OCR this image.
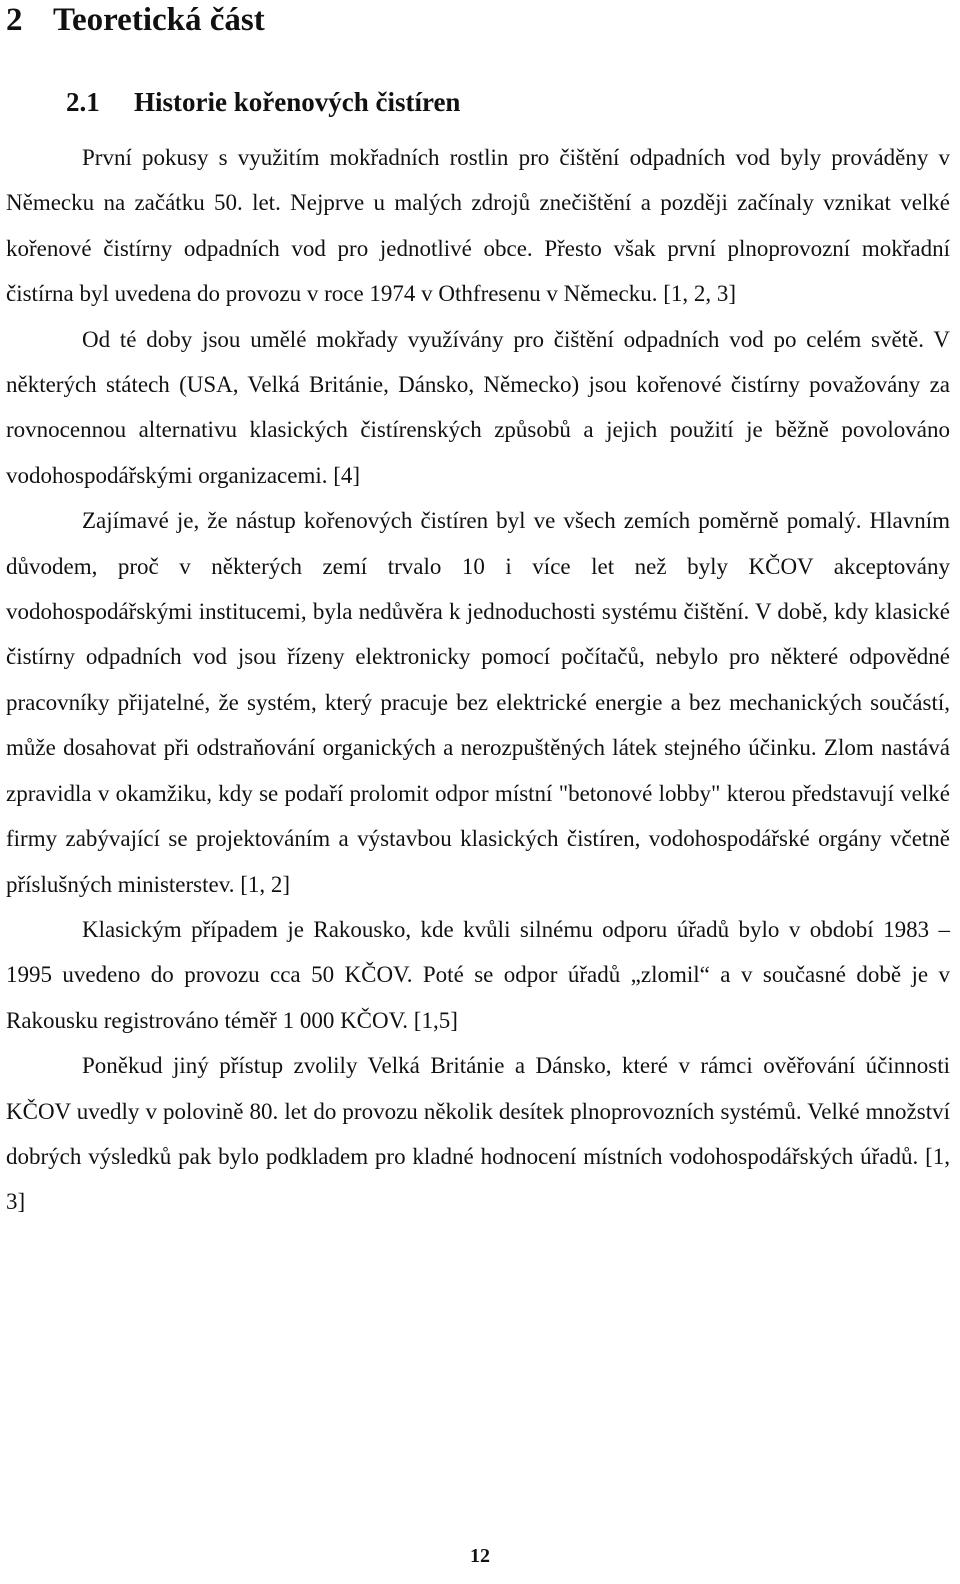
2 Teoretická část
2.1 Historie kořenových čistíren

První pokusy s využitím mokřadních rostlin pro čištění odpadních vod byly prováděny v Německu na začátku 50. let. Nejprve u malých zdrojů znečištění a později začínaly vznikat velké kořenové čistírny odpadních vod pro jednotlivé obce. Přesto však první plnoprovozní mokřadní čistírna byl uvedena do provozu v roce 1974 v Othfresenu v Německu. [1, 2, 3]

Od té doby jsou umělé mokřady využívány pro čištění odpadních vod po celém světě. V některých státech (USA, Velká Británie, Dánsko, Německo) jsou kořenové čistírny považovány za rovnocennou alternativu klasických čistírenských způsobů a jejich použití je běžně povolováno vodohospodářskými organizacemi. [4]

Zajímavé je, že nástup kořenových čistíren byl ve všech zemích poměrně pomalý. Hlavním důvodem, proč v některých zemí trvalo 10 i více let než byly KČOV akceptovány vodohospodářskými institucemi, byla nedůvěra k jednoduchosti systému čištění. V době, kdy klasické čistírny odpadních vod jsou řízeny elektronicky pomocí počítačů, nebylo pro některé odpovědné pracovníky přijatelné, že systém, který pracuje bez elektrické energie a bez mechanických součástí, může dosahovat při odstraňování organických a nerozpuštěných látek stejného účinku. Zlom nastává zpravidla v okamžiku, kdy se podaří prolomit odpor místní "betonové lobby" kterou představují velké firmy zabývající se projektováním a výstavbou klasických čistíren, vodohospodářské orgány včetně příslušných ministerstev. [1, 2]

Klasickým případem je Rakousko, kde kvůli silnému odporu úřadů bylo v období 1983 – 1995 uvedeno do provozu cca 50 KČOV. Poté se odpor úřadů „zlomil“ a v současné době je v Rakousku registrováno téměř 1 000 KČOV. [1,5]

Poněkud jiný přístup zvolily Velká Británie a Dánsko, které v rámci ověřování účinnosti KČOV uvedly v polovině 80. let do provozu několik desítek plnoprovozních systémů. Velké množství dobrých výsledků pak bylo podkladem pro kladné hodnocení místních vodohospodářských úřadů. [1, 3]

12
